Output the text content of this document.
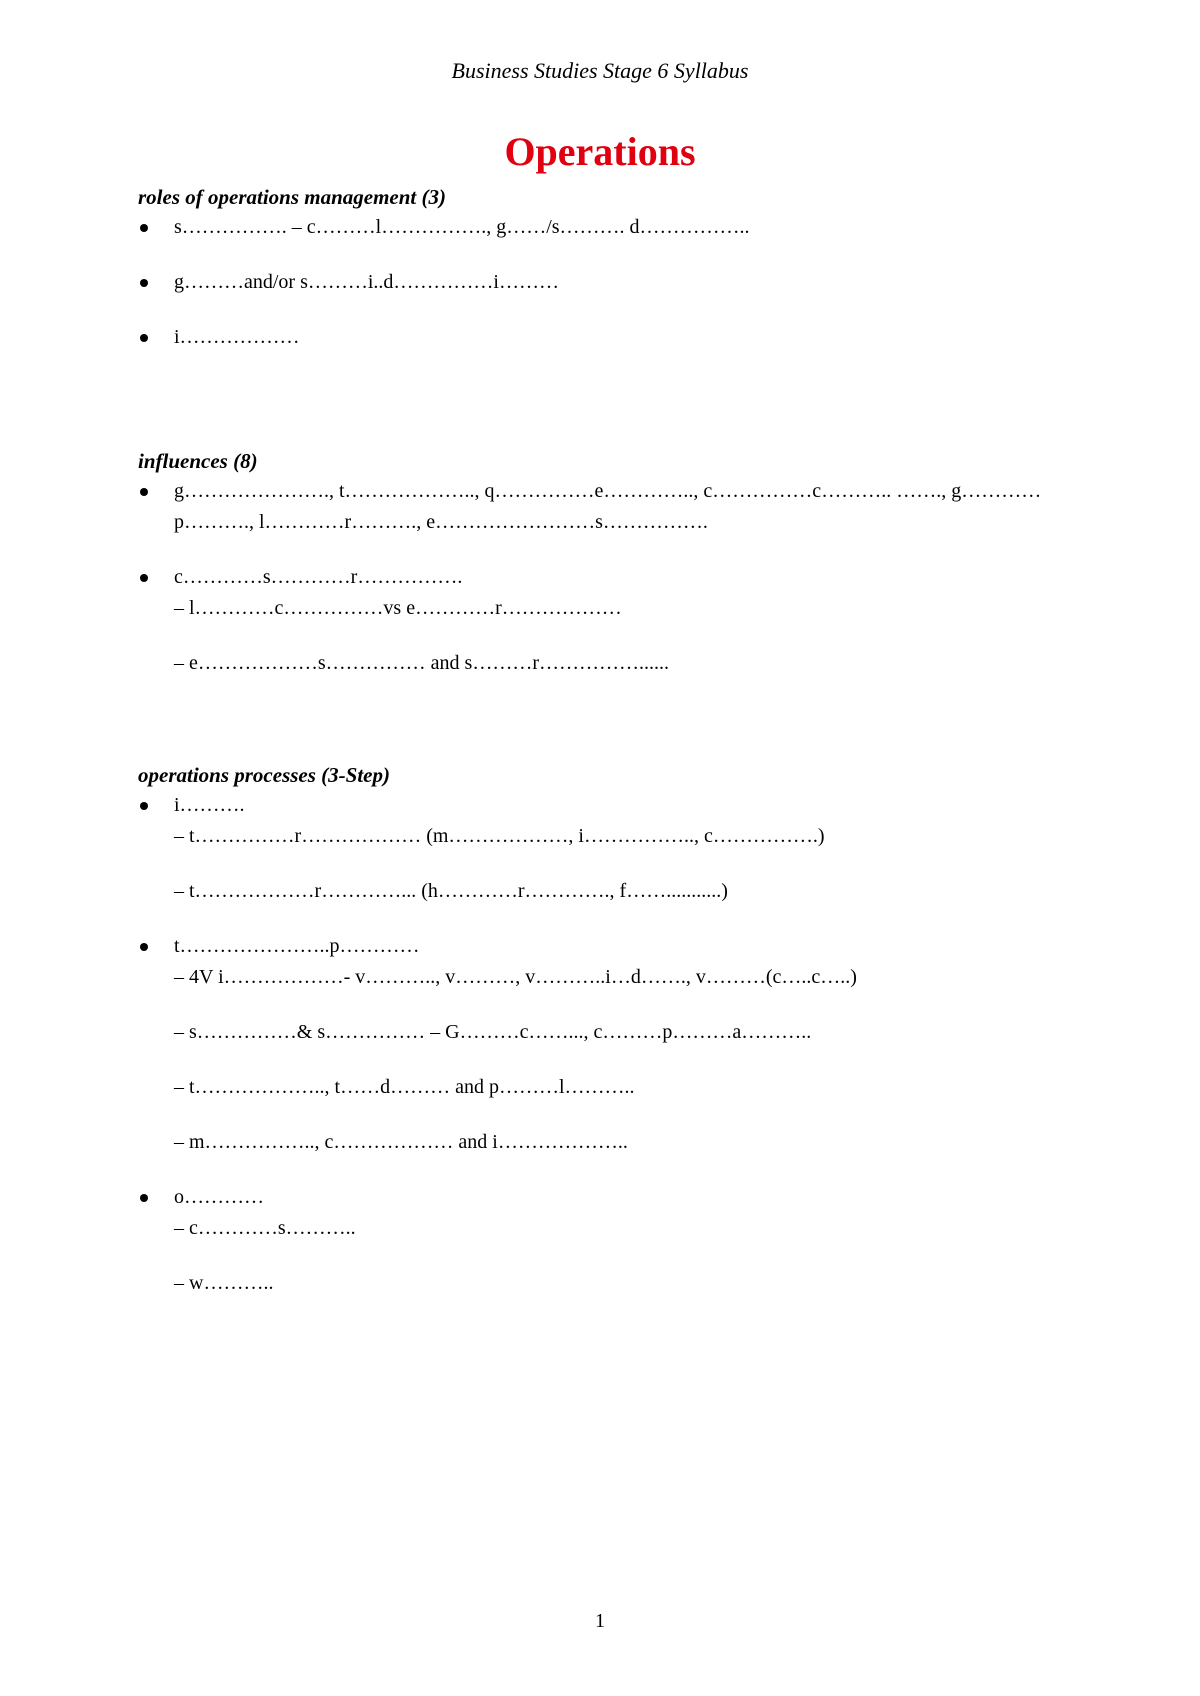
Business Studies Stage 6 Syllabus
Operations
roles of operations management (3)
s……………. – c………l……………., g……/s………. d……………..
g………and/or s………i..d……………i………
i………………
influences (8)
g…………………., t……………….., q……………e………….., c……………c……….. ……., g…………p………., l…………r………., e……………………s…………….
c…………s…………r…………….
– l…………c……………vs e…………r………………
– e………………s…………… and s………r……………......
operations processes (3-Step)
i……….
– t……………r……………… (m………………, i…………….., c…………….)
– t………………r…………... (h…………r…………., f……...........)
t…………………..p…………
– 4V i………………- v……….., v………, v………..i…d……., v………(c…..c…..)
– s……………& s…………… – G………c……..., c………p………a………..
– t……………….., t……d……… and p………l………..
– m…………….., c……………… and i………………..
o…………
– c…………s………..
– w………..
1
